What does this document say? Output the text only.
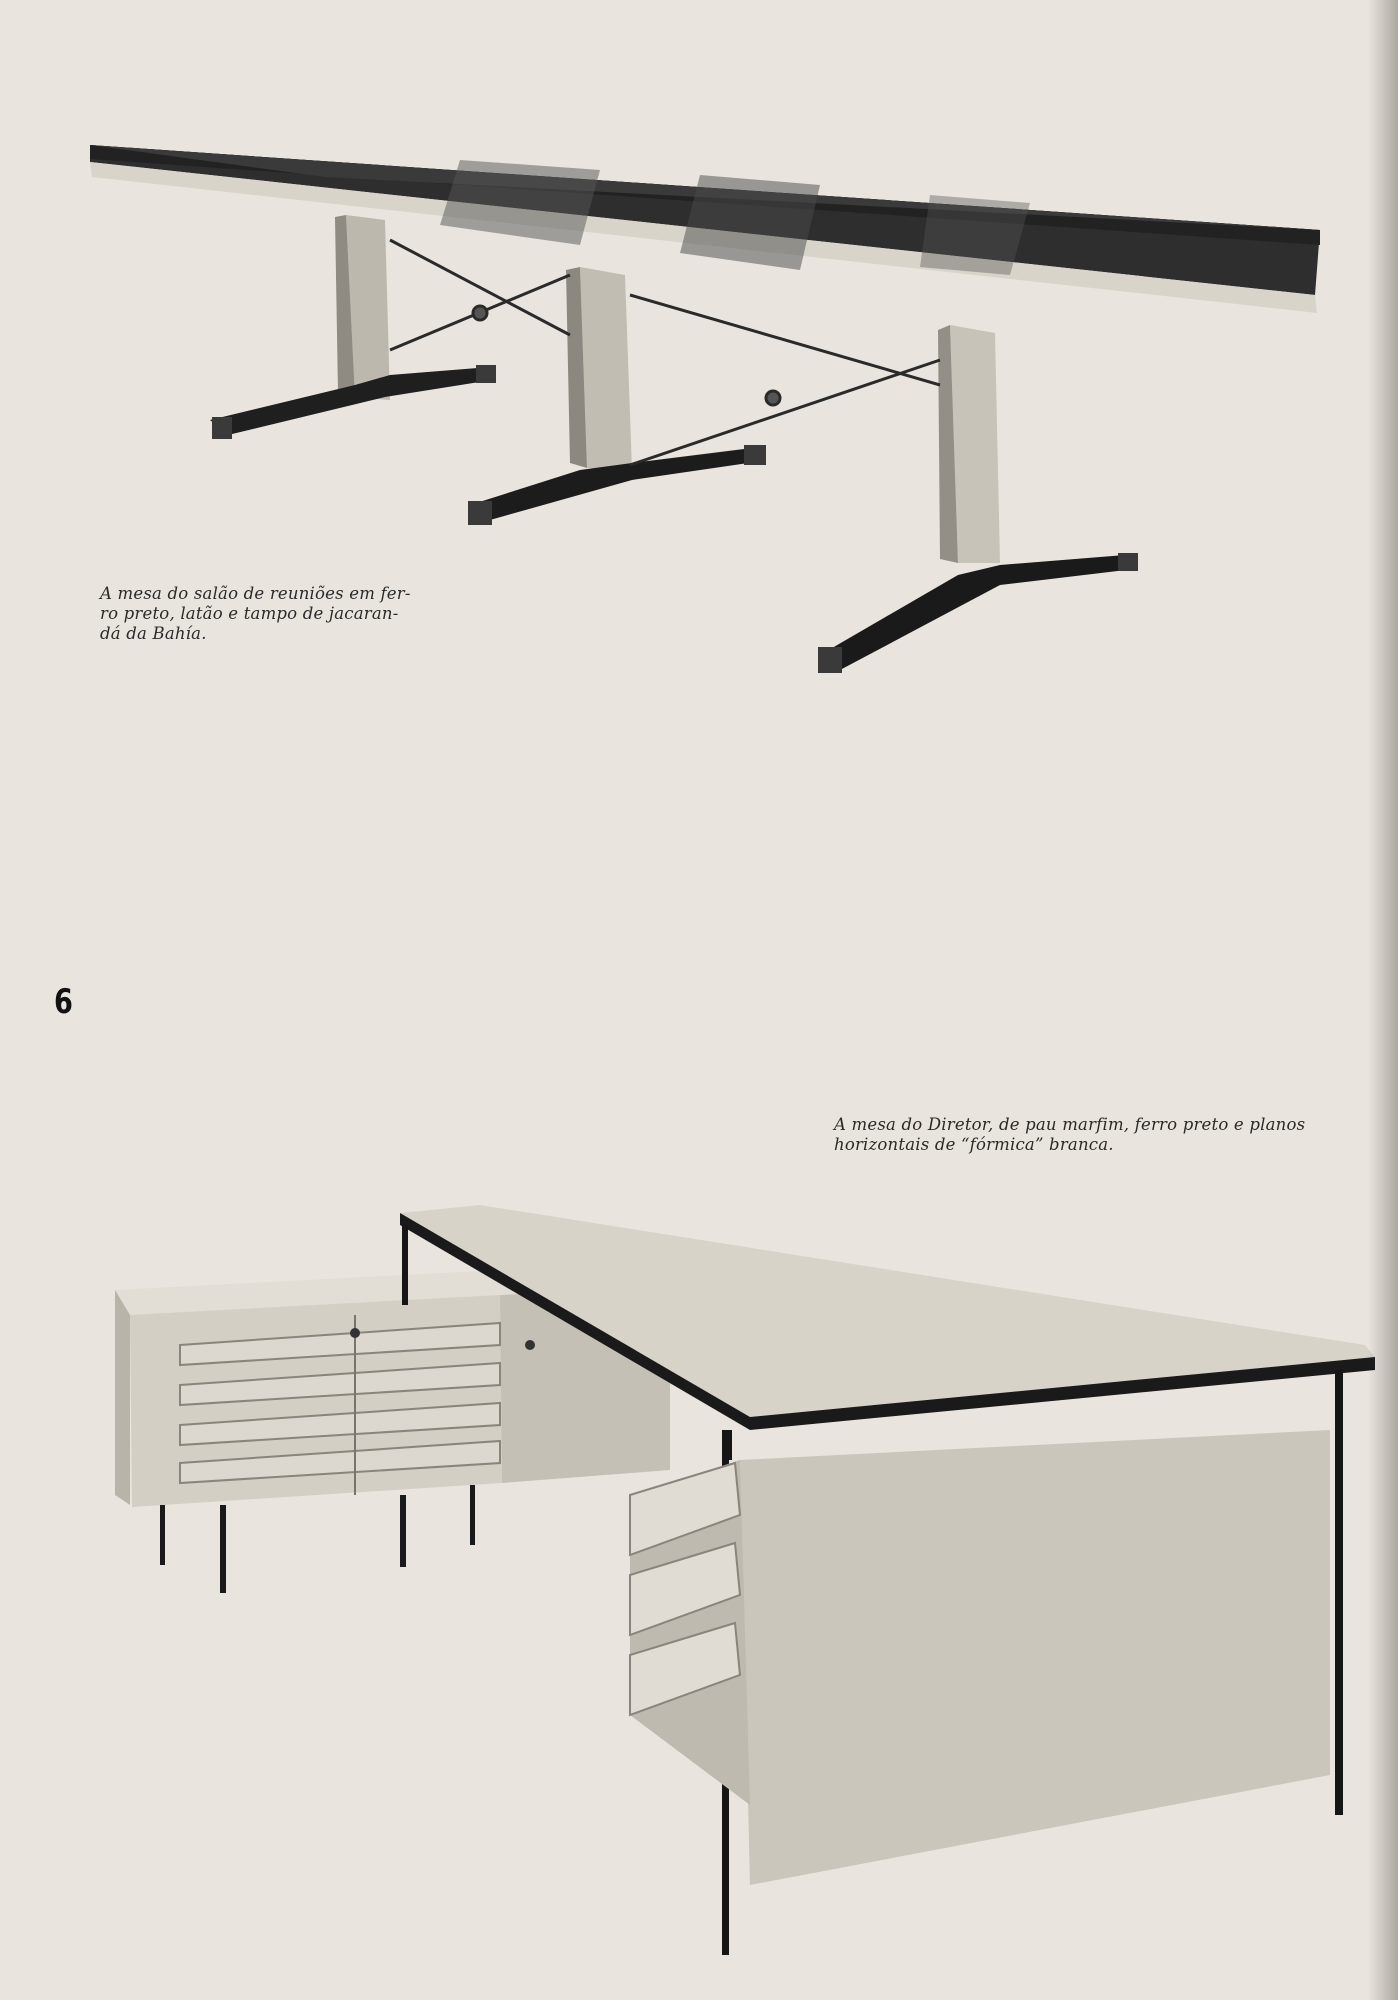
A mesa do salão de reuniões em fer-
ro preto, latão e tampo de jacaran-
dá da Bahía.
6
A mesa do Diretor, de pau marfim, ferro preto e planos
horizontais de “fórmica” branca.
